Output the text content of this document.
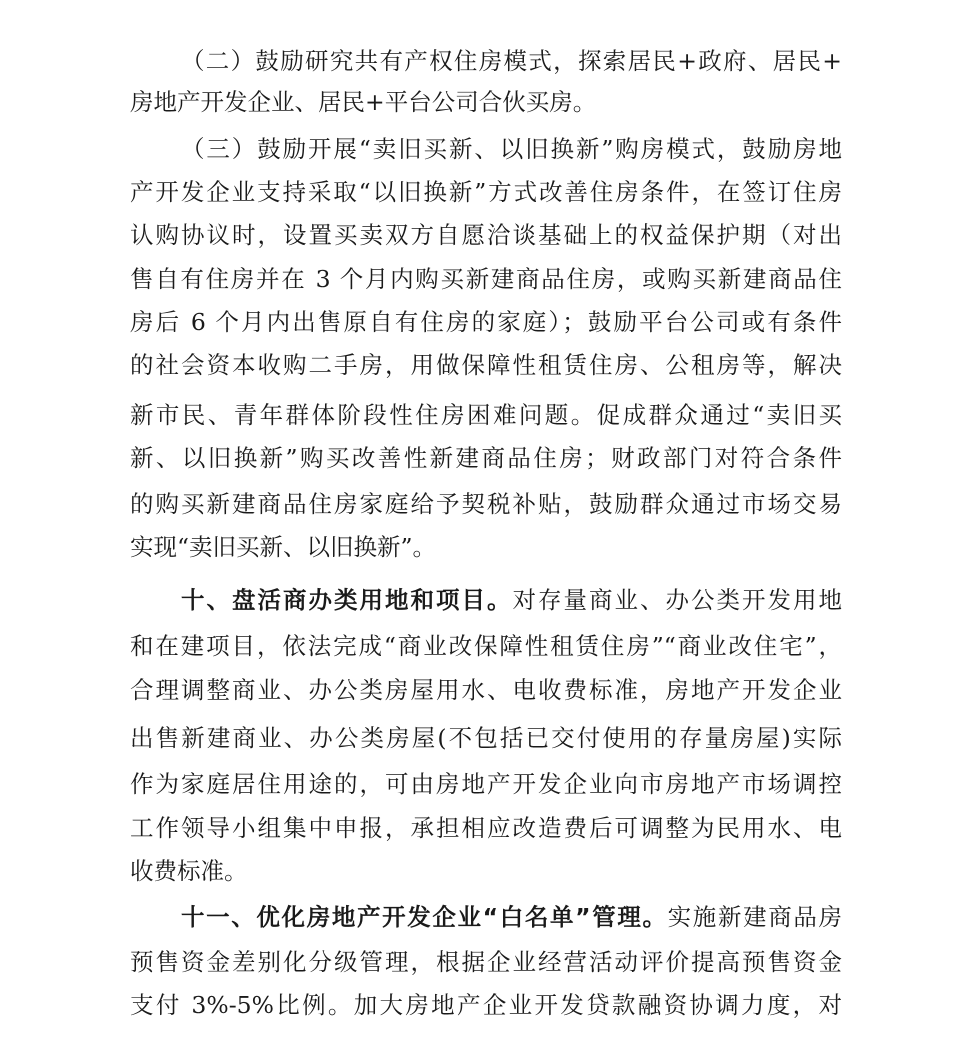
（二）鼓励研究共有产权住房模式，探索居民+政府、居民+
房地产开发企业、居民+平台公司合伙买房。
（三）鼓励开展“卖旧买新、以旧换新”购房模式，鼓励房地
产开发企业支持采取“以旧换新”方式改善住房条件，在签订住房
认购协议时，设置买卖双方自愿洽谈基础上的权益保护期（对出
售自有住房并在 3 个月内购买新建商品住房，或购买新建商品住
房后 6 个月内出售原自有住房的家庭）；鼓励平台公司或有条件
的社会资本收购二手房，用做保障性租赁住房、公租房等，解决
新市民、青年群体阶段性住房困难问题。促成群众通过“卖旧买
新、以旧换新”购买改善性新建商品住房；财政部门对符合条件
的购买新建商品住房家庭给予契税补贴，鼓励群众通过市场交易
实现“卖旧买新、以旧换新”。
十、盘活商办类用地和项目。对存量商业、办公类开发用地
和在建项目，依法完成“商业改保障性租赁住房”“商业改住宅”，
合理调整商业、办公类房屋用水、电收费标准，房地产开发企业
出售新建商业、办公类房屋(不包括已交付使用的存量房屋)实际
作为家庭居住用途的，可由房地产开发企业向市房地产市场调控
工作领导小组集中申报，承担相应改造费后可调整为民用水、电
收费标准。
十一、优化房地产开发企业“白名单”管理。实施新建商品房
预售资金差别化分级管理，根据企业经营活动评价提高预售资金
支付 3%-5%比例。加大房地产企业开发贷款融资协调力度，对
